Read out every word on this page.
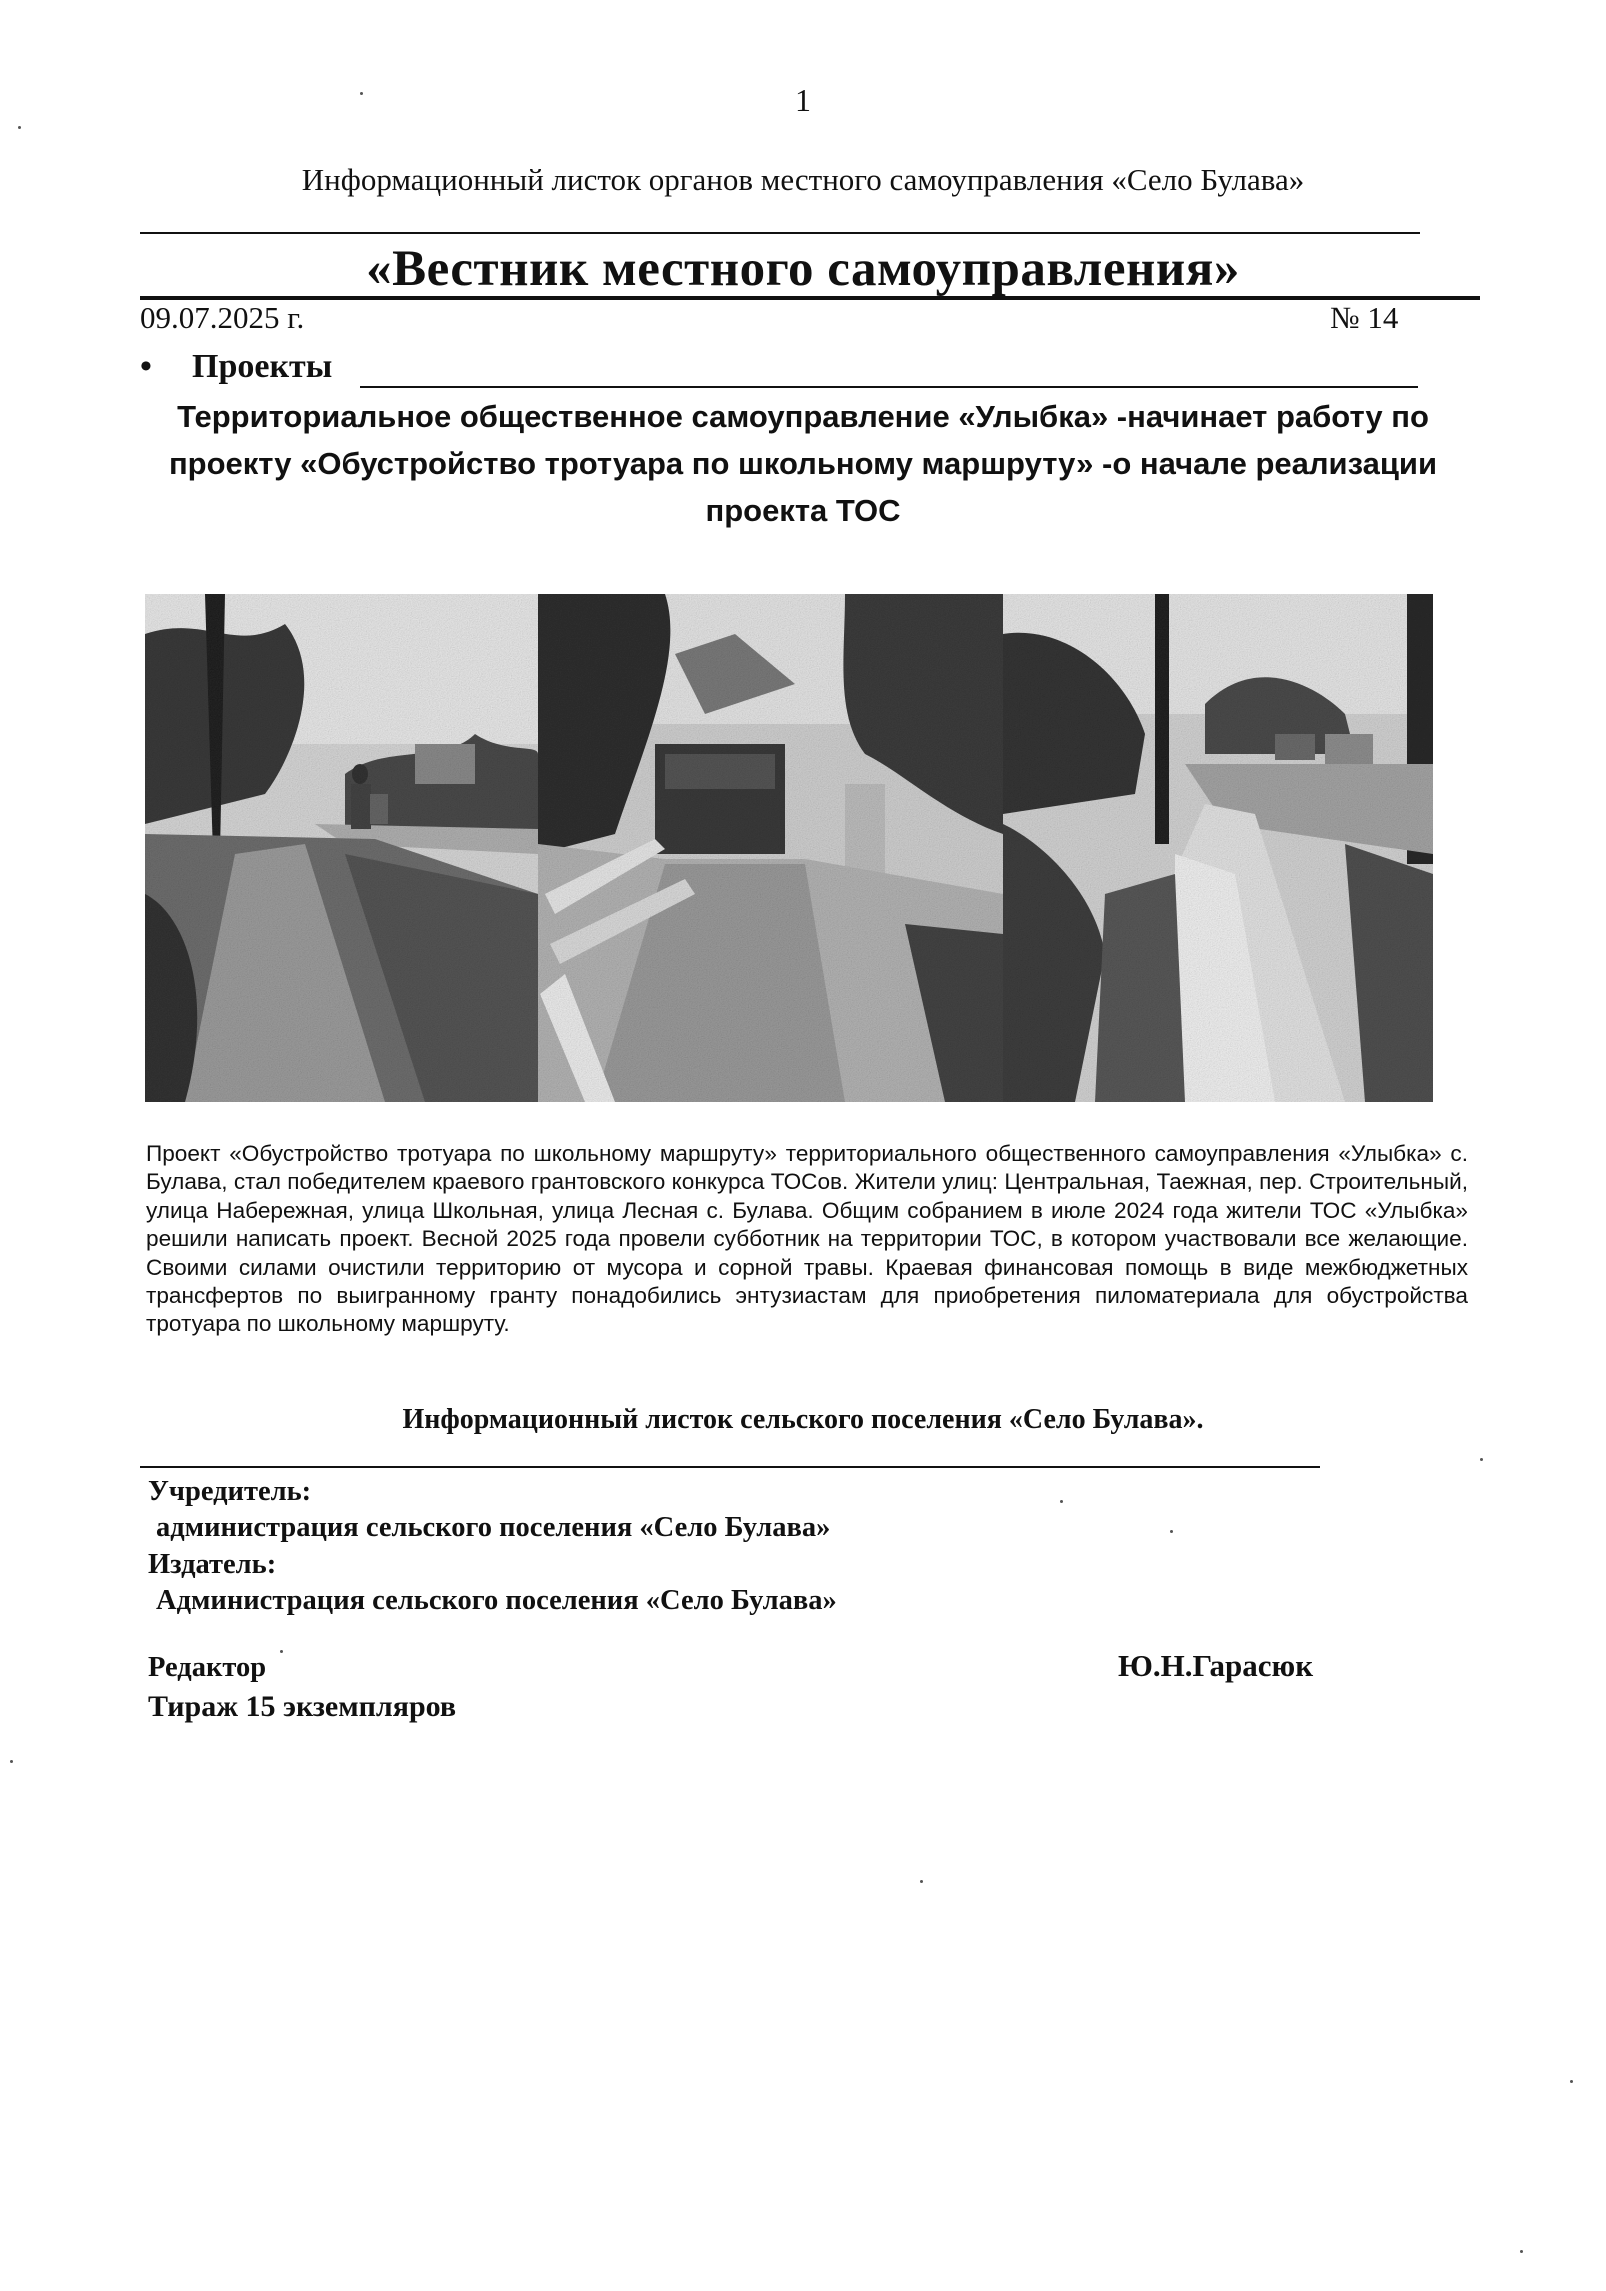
1
Информационный листок органов местного самоуправления «Село Булава»
«Вестник местного самоуправления»
09.07.2025 г.	№ 14
• Проекты
Территориальное общественное самоуправление «Улыбка» -начинает работу по проекту «Обустройство тротуара по школьному маршруту» -о начале реализации проекта ТОС
Проект «Обустройство тротуара по школьному маршруту» территориального общественного самоуправления «Улыбка» с. Булава, стал победителем краевого грантовского конкурса ТОСов. Жители улиц: Центральная, Таежная, пер. Строительный, улица Набережная, улица Школьная, улица Лесная с. Булава. Общим собранием в июле 2024 года жители ТОС «Улыбка» решили написать проект. Весной 2025 года провели субботник на территории ТОС, в котором участвовали все желающие. Своими силами очистили территорию от мусора и сорной травы. Краевая финансовая помощь в виде межбюджетных трансфертов по выигранному гранту понадобились энтузиастам для приобретения пиломатериала для обустройства тротуара по школьному маршруту.
Информационный листок сельского поселения «Село Булава».
Учредитель:
администрация сельского поселения «Село Булава»
Издатель:
Администрация сельского поселения «Село Булава»
Редактор	Ю.Н.Гарасюк
Тираж 15 экземпляров
